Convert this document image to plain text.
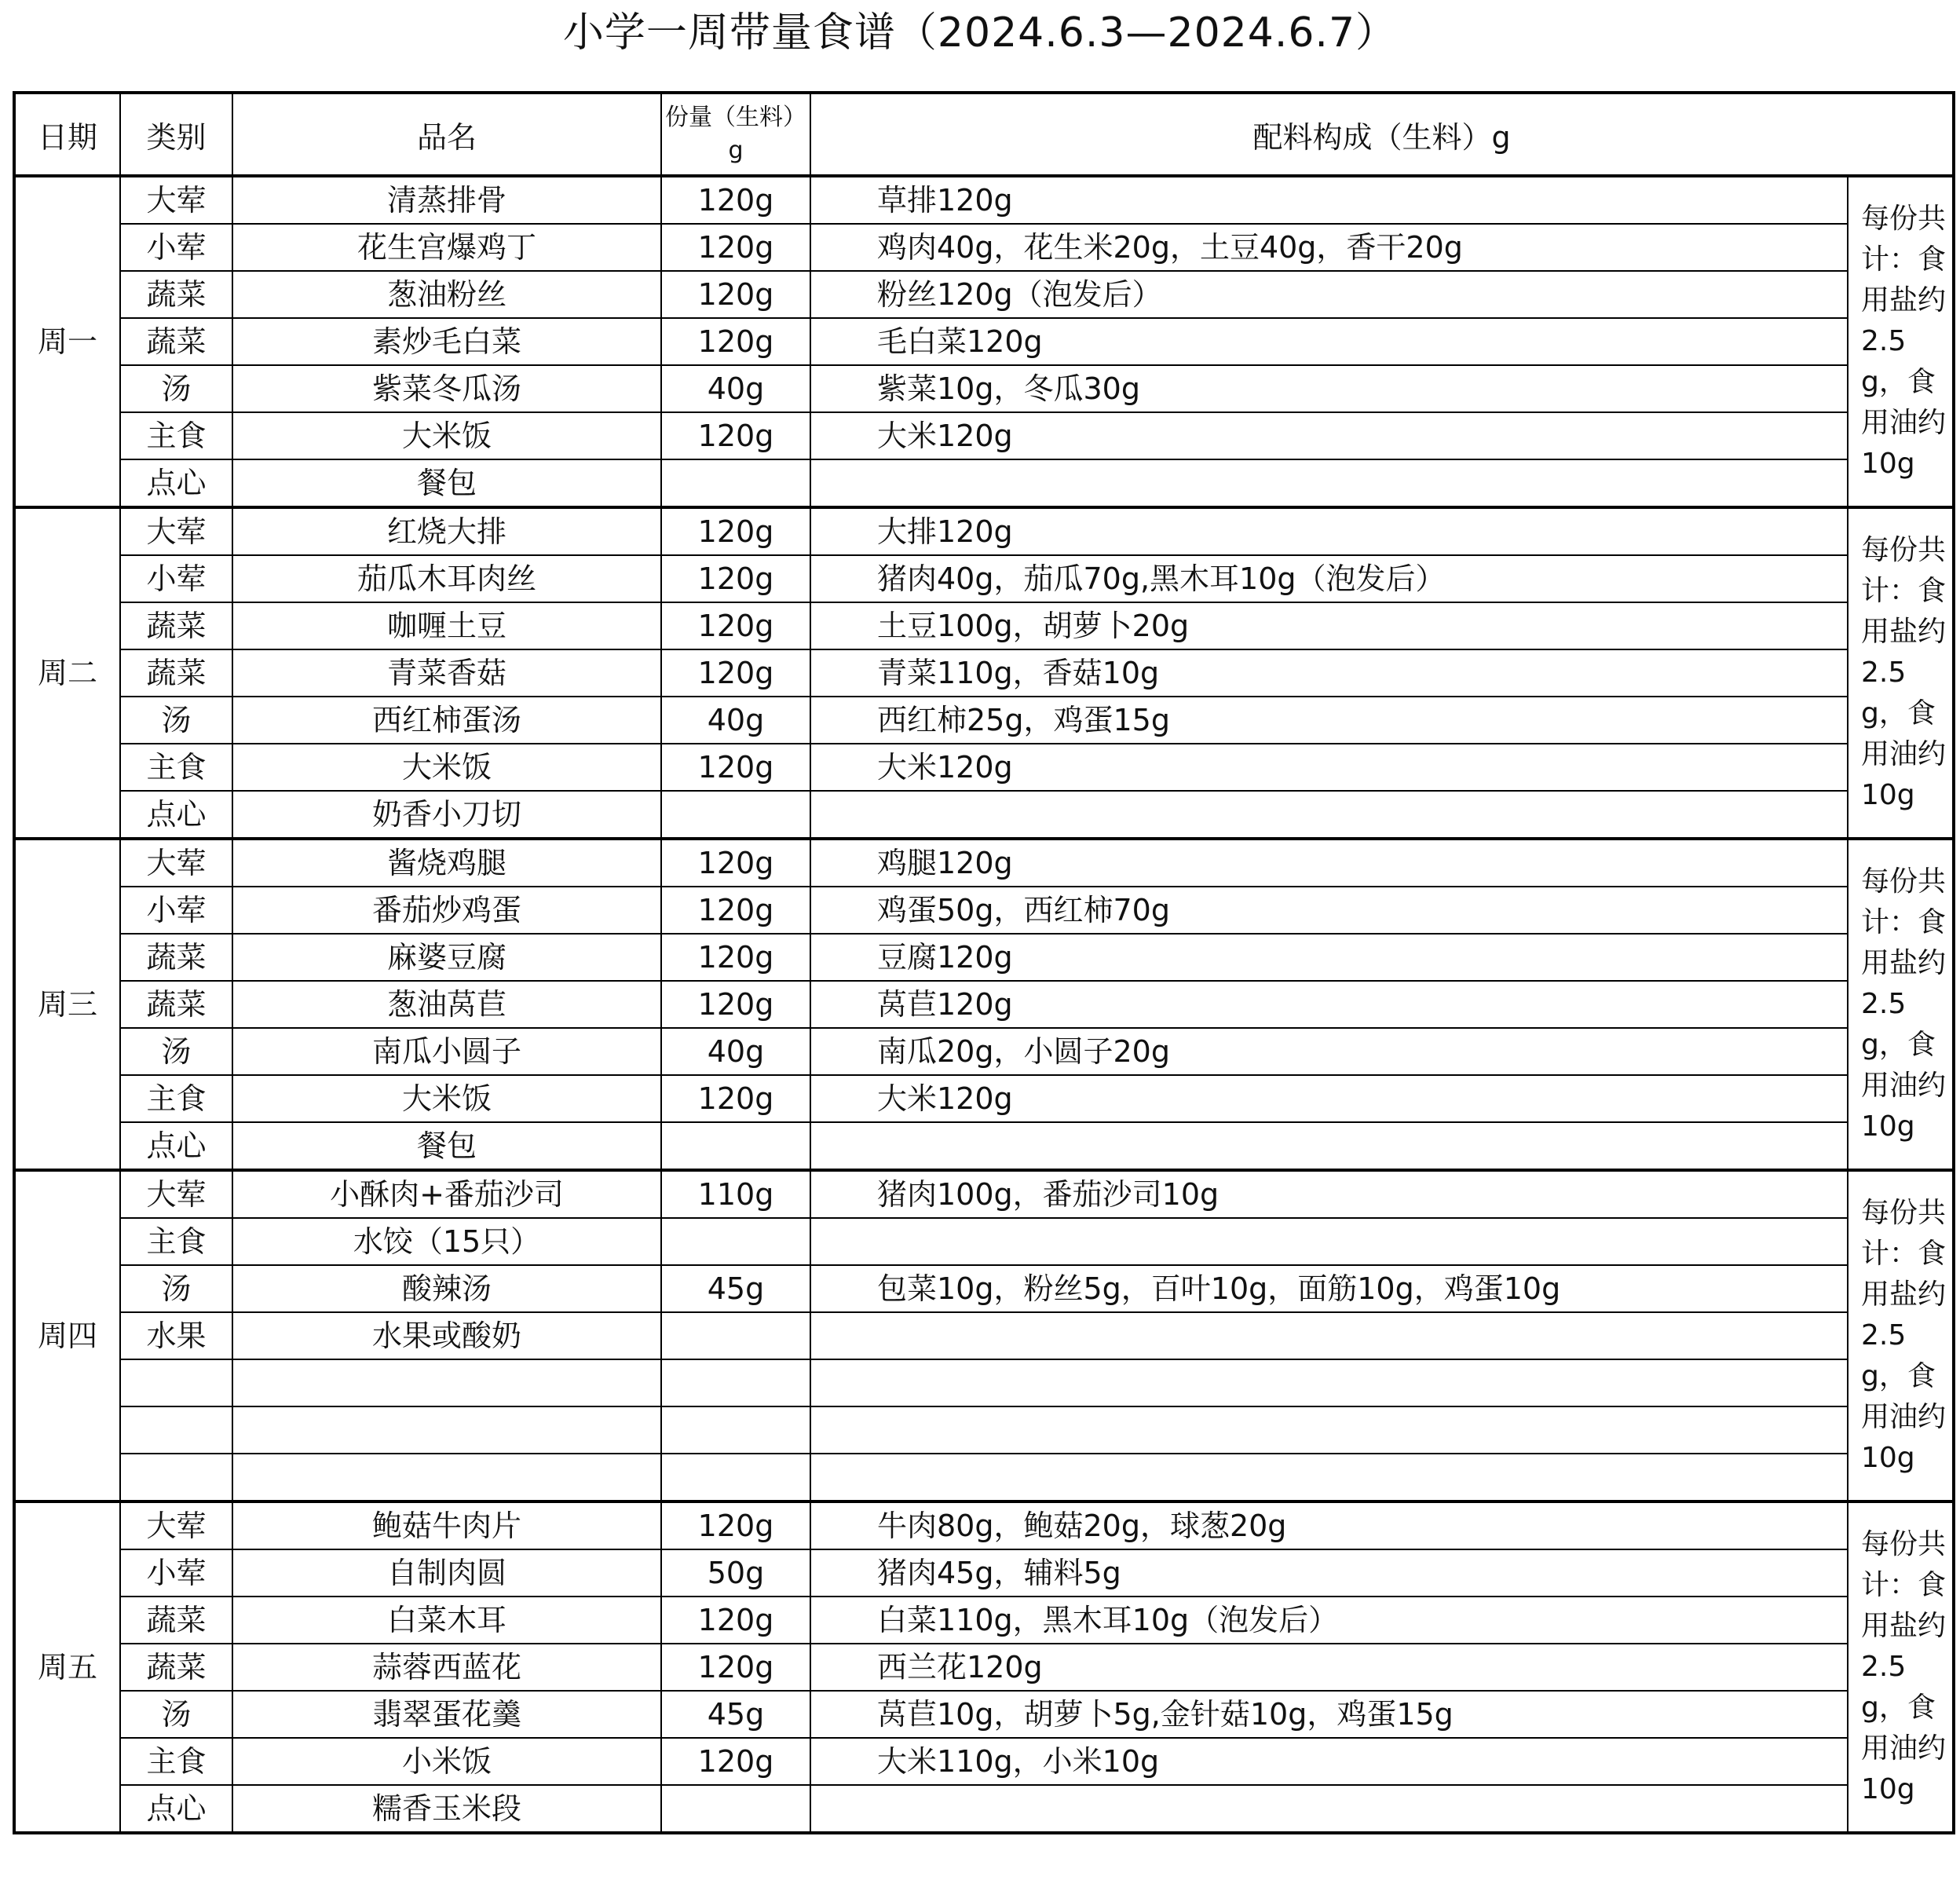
小学一周带量食谱（2024.6.3—2024.6.7）
日期	类别	品名	份量（生料）g	配料构成（生料）g	
周一	大荤	清蒸排骨	120g	草排120g	每份共计：食用盐约2.5g，食用油约10g
	小荤	花生宫爆鸡丁	120g	鸡肉40g，花生米20g，土豆40g，香干20g	
	蔬菜	葱油粉丝	120g	粉丝120g（泡发后）	
	蔬菜	素炒毛白菜	120g	毛白菜120g	
	汤	紫菜冬瓜汤	40g	紫菜10g，冬瓜30g	
	主食	大米饭	120g	大米120g	
	点心	餐包			
周二	大荤	红烧大排	120g	大排120g	每份共计：食用盐约2.5g，食用油约10g
	小荤	茄瓜木耳肉丝	120g	猪肉40g，茄瓜70g,黑木耳10g（泡发后）	
	蔬菜	咖喱土豆	120g	土豆100g，胡萝卜20g	
	蔬菜	青菜香菇	120g	青菜110g，香菇10g	
	汤	西红柿蛋汤	40g	西红柿25g，鸡蛋15g	
	主食	大米饭	120g	大米120g	
	点心	奶香小刀切			
周三	大荤	酱烧鸡腿	120g	鸡腿120g	每份共计：食用盐约2.5g，食用油约10g
	小荤	番茄炒鸡蛋	120g	鸡蛋50g，西红柿70g	
	蔬菜	麻婆豆腐	120g	豆腐120g	
	蔬菜	葱油莴苣	120g	莴苣120g	
	汤	南瓜小圆子	40g	南瓜20g，小圆子20g	
	主食	大米饭	120g	大米120g	
	点心	餐包			
周四	大荤	小酥肉+番茄沙司	110g	猪肉100g，番茄沙司10g	每份共计：食用盐约2.5g，食用油约10g
	主食	水饺（15只）			
	汤	酸辣汤	45g	包菜10g，粉丝5g，百叶10g，面筋10g，鸡蛋10g	
	水果	水果或酸奶			

周五	大荤	鲍菇牛肉片	120g	牛肉80g，鲍菇20g，球葱20g	每份共计：食用盐约2.5g，食用油约10g
	小荤	自制肉圆	50g	猪肉45g，辅料5g	
	蔬菜	白菜木耳	120g	白菜110g，黑木耳10g（泡发后）	
	蔬菜	蒜蓉西蓝花	120g	西兰花120g	
	汤	翡翠蛋花羹	45g	莴苣10g，胡萝卜5g,金针菇10g，鸡蛋15g	
	主食	小米饭	120g	大米110g，小米10g	
	点心	糯香玉米段			
